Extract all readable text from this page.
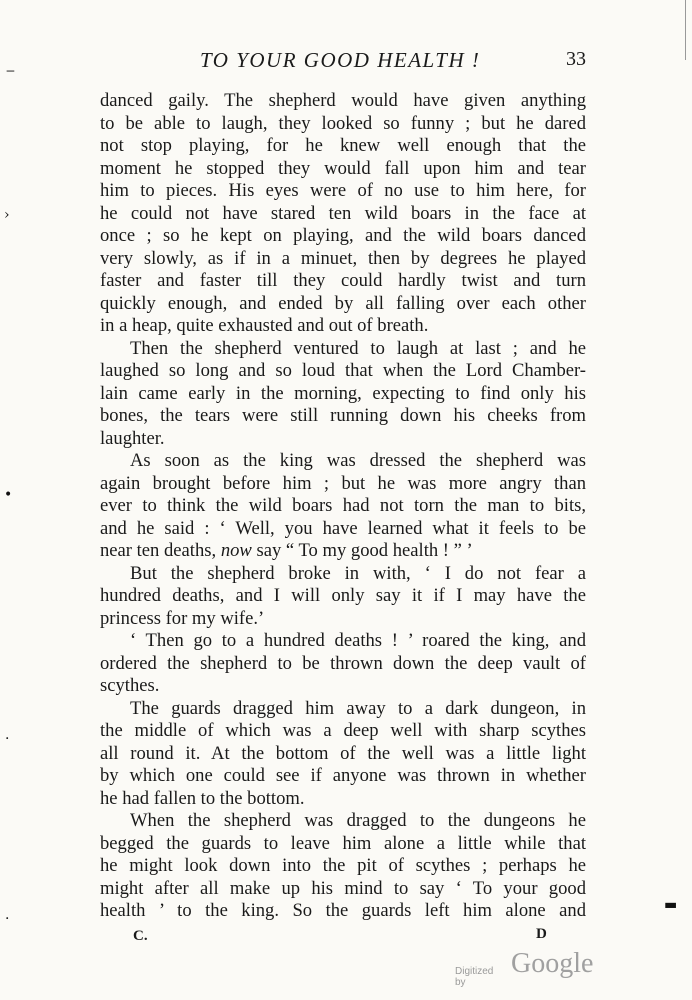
TO YOUR GOOD HEALTH !	33
‒
›
•
·
·
▬
danced gaily. The shepherd would have given anything
to be able to laugh, they looked so funny ; but he dared
not stop playing, for he knew well enough that the
moment he stopped they would fall upon him and tear
him to pieces. His eyes were of no use to him here, for
he could not have stared ten wild boars in the face at
once ; so he kept on playing, and the wild boars danced
very slowly, as if in a minuet, then by degrees he played
faster and faster till they could hardly twist and turn
quickly enough, and ended by all falling over each other
in a heap, quite exhausted and out of breath.
Then the shepherd ventured to laugh at last ; and he
laughed so long and so loud that when the Lord Chamber-
lain came early in the morning, expecting to find only his
bones, the tears were still running down his cheeks from
laughter.
As soon as the king was dressed the shepherd was
again brought before him ; but he was more angry than
ever to think the wild boars had not torn the man to bits,
and he said : ‘ Well, you have learned what it feels to be
near ten deaths, now say “ To my good health ! ” ’
But the shepherd broke in with, ‘ I do not fear a
hundred deaths, and I will only say it if I may have the
princess for my wife.’
‘ Then go to a hundred deaths ! ’ roared the king, and
ordered the shepherd to be thrown down the deep vault of
scythes.
The guards dragged him away to a dark dungeon, in
the middle of which was a deep well with sharp scythes
all round it. At the bottom of the well was a little light
by which one could see if anyone was thrown in whether
he had fallen to the bottom.
When the shepherd was dragged to the dungeons he
begged the guards to leave him alone a little while that
he might look down into the pit of scythes ; perhaps he
might after all make up his mind to say ‘ To your good
health ’ to the king. So the guards left him alone and
C.	D
Digitized by
Google
